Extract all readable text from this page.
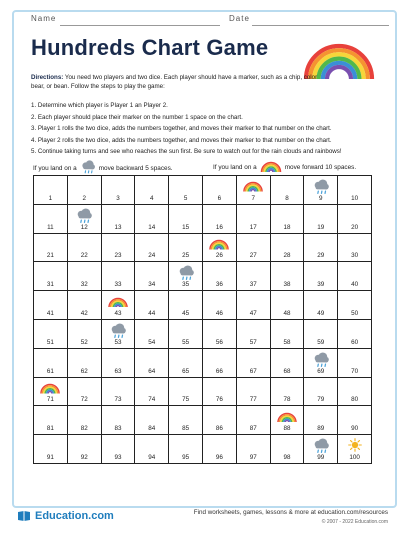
Name	Date
Hundreds Chart Game
Directions: You need two players and two dice. Each player should have a marker, such as a chip, color bear, or bean. Follow the steps to play the game:
1. Determine which player is Player 1 an Player 2.
2. Each player should place their marker on the number 1 space on the chart.
3. Player 1 rolls the two dice, adds the numbers together, and moves their marker to that number on the chart.
4. Player 2 rolls the two dice, adds the numbers together, and moves their marker to that number on the chart.
5. Continue taking turns and see who reaches the sun first. Be sure to watch out for the rain clouds and rainbows!
If you land on a	move backward 5 spaces.	If you land on a	move forward 10 spaces.
1	2	3	4	5	6	7	8	9	10
11	12	13	14	15	16	17	18	19	20
21	22	23	24	25	26	27	28	29	30
31	32	33	34	35	36	37	38	39	40
41	42	43	44	45	46	47	48	49	50
51	52	53	54	55	56	57	58	59	60
61	62	63	64	65	66	67	68	69	70
71	72	73	74	75	76	77	78	79	80
81	82	83	84	85	86	87	88	89	90
91	92	93	94	95	96	97	98	99	100
Education.com	Find worksheets, games, lessons & more at education.com/resources
© 2007 - 2022 Education.com
